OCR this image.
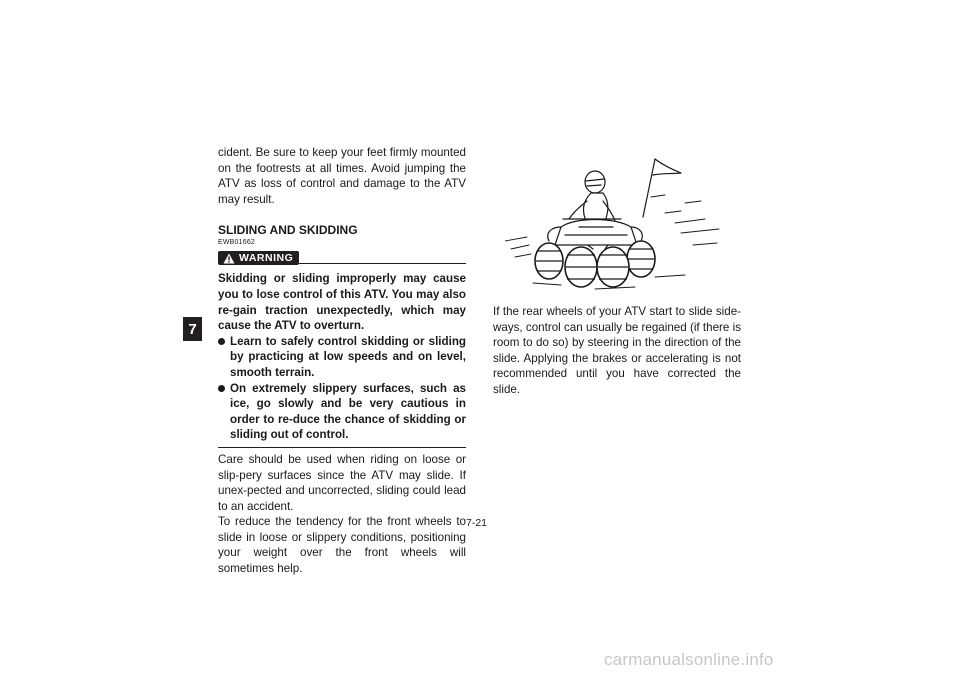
7

cident. Be sure to keep your feet firmly mounted on the footrests at all times. Avoid jumping the ATV as loss of control and damage to the ATV may result.

SLIDING AND SKIDDING
EWB01662
WARNING

Skidding or sliding improperly may cause you to lose control of this ATV. You may also re-gain traction unexpectedly, which may cause the ATV to overturn.

Learn to safely control skidding or sliding by practicing at low speeds and on level, smooth terrain.
On extremely slippery surfaces, such as ice, go slowly and be very cautious in order to re-duce the chance of skidding or sliding out of control.

Care should be used when riding on loose or slip-pery surfaces since the ATV may slide. If unex-pected and uncorrected, sliding could lead to an accident.

To reduce the tendency for the front wheels to slide in loose or slippery conditions, positioning your weight over the front wheels will sometimes help.

If the rear wheels of your ATV start to slide side-ways, control can usually be regained (if there is room to do so) by steering in the direction of the slide. Applying the brakes or accelerating is not recommended until you have corrected the slide.

7-21
carmanualsonline.info
